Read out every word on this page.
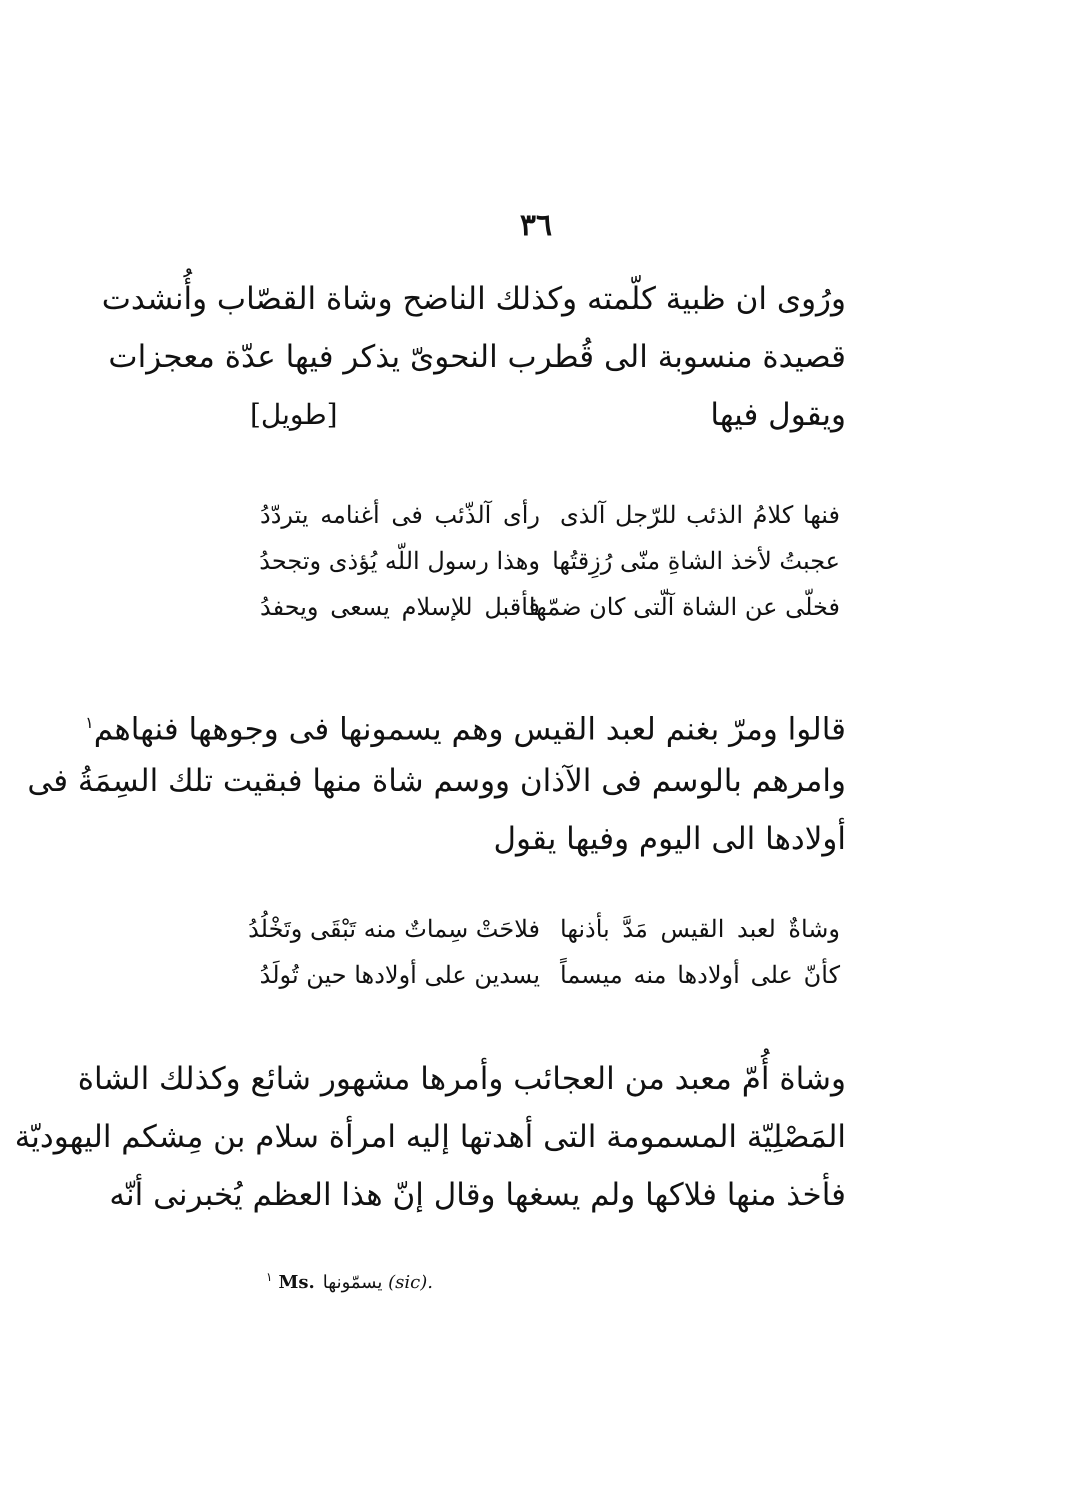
٣٦
ورُوى ان ظبية كلّمته وكذلك الناضح وشاة القصّاب وأُنشدت
قصيدة منسوبة الى قُطرب النحوىّ يذكر فيها عدّة معجزات
ويقول فيها
[طويل]
فنها كلامُ الذئب للرّجل آلذى
رأى آلذّئب فى أغنامه يتردّدُ
عجبتُ لأخذ الشاةِ منّى رُزِقتُها
وهذا رسول اللّه يُؤذى وتجحدُ
فخلّى عن الشاة آلّتى كان ضمّها
فأقبل للإسلام يسعى ويحفدُ
قالوا ومرّ بغنم لعبد القيس وهم يسمونها فى وجوهها فنهاهم$^١$
وامرهم بالوسم فى الآذان ووسم شاة منها فبقيت تلك السِمَةُ فى
أولادها الى اليوم وفيها يقول
وشاةٌ لعبد القيس مَدَّ بأذنها
فلاحَتْ سِماتٌ منه تَبْقَى وتَخْلُدُ
كأنّ على أولادها منه ميسماً
يسدين على أولادها حين تُولَدُ
وشاة أُمّ معبد من العجائب وأمرها مشهور شائع وكذلك الشاة
المَصْلِيّة المسمومة التى أهدتها إليه امرأة سلام بن مِشكم اليهوديّة
فأخذ منها فلاكها ولم يسغها وقال إنّ هذا العظم يُخبرنى أنّه
$^١$ Ms. يسمّونها (sic).
